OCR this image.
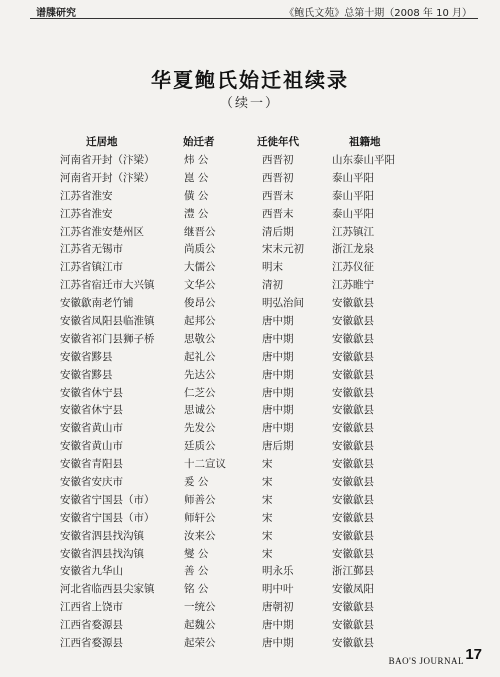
谱牒研究	《鲍氏文苑》总第十期（2008 年 10 月）
华夏鲍氏始迁祖续录
（续一）
迁居地	始迁者	迁徙年代	祖籍地
河南省开封（汴梁）	炜 公	西晋初	山东泰山平阳
河南省开封（汴梁）	崑 公	西晋初	泰山平阳
江苏省淮安	僙 公	西晋末	泰山平阳
江苏省淮安	澧 公	西晋末	泰山平阳
江苏省淮安楚州区	继晋公	清后期	江苏镇江
江苏省无锡市	尚质公	宋末元初	浙江龙泉
江苏省镇江市	大儒公	明末	江苏仪征
江苏省宿迁市大兴镇	文华公	清初	江苏睢宁
安徽歙南老竹铺	俊昂公	明弘治间	安徽歙县
安徽省凤阳县临淮镇	起邦公	唐中期	安徽歙县
安徽省祁门县狮子桥	思敬公	唐中期	安徽歙县
安徽省黟县	起礼公	唐中期	安徽歙县
安徽省黟县	先达公	唐中期	安徽歙县
安徽省休宁县	仁芝公	唐中期	安徽歙县
安徽省休宁县	思诚公	唐中期	安徽歙县
安徽省黄山市	先发公	唐中期	安徽歙县
安徽省黄山市	廷质公	唐后期	安徽歙县
安徽省青阳县	十二宣议	宋	安徽歙县
安徽省安庆市	爰 公	宋	安徽歙县
安徽省宁国县（市）	师善公	宋	安徽歙县
安徽省宁国县（市）	师轩公	宋	安徽歙县
安徽省泗县找沟镇	汝来公	宋	安徽歙县
安徽省泗县找沟镇	燮 公	宋	安徽歙县
安徽省九华山	善 公	明永乐	浙江鄞县
河北省临西县尖家镇	铭 公	明中叶	安徽凤阳
江西省上饶市	一统公	唐朝初	安徽歙县
江西省婺源县	起魏公	唐中期	安徽歙县
江西省婺源县	起荣公	唐中期	安徽歙县
BAO'S JOURNAL 17
